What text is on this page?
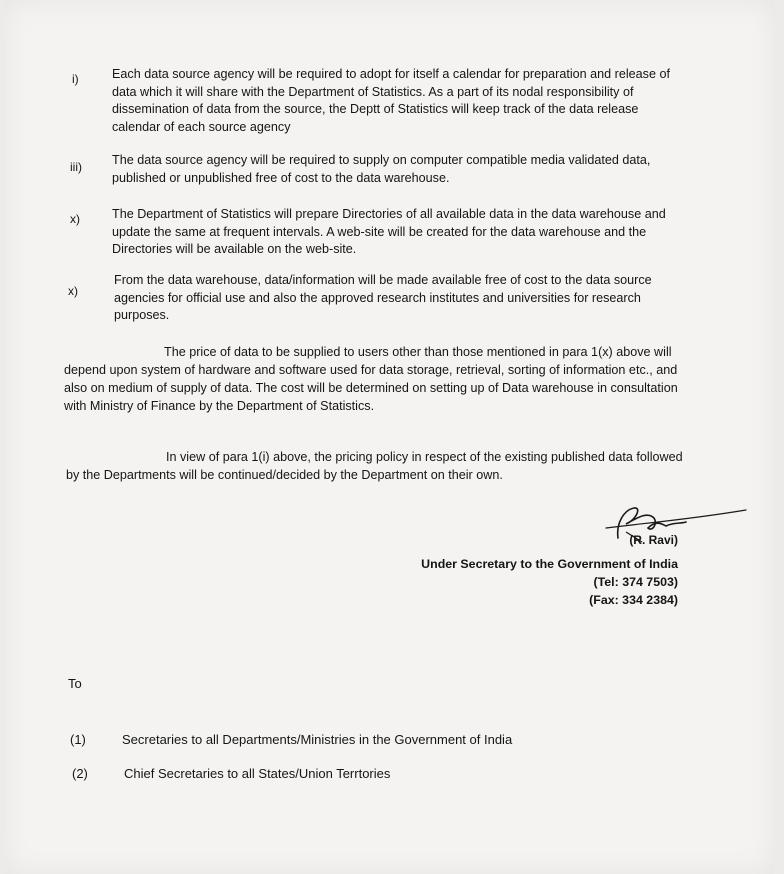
i)	Each data source agency will be required to adopt for itself a calendar for preparation and release of data which it will share with the Department of Statistics. As a part of its nodal responsibility of dissemination of data from the source, the Deptt of Statistics will keep track of the data release calendar of each source agency
iii) The data source agency will be required to supply on computer compatible media validated data, published or unpublished free of cost to the data warehouse.
x)	The Department of Statistics will prepare Directories of all available data in the data warehouse and update the same at frequent intervals. A web-site will be created for the data warehouse and the Directories will be available on the web-site.
x)
From the data warehouse, data/information will be made available free of cost to the data source agencies for official use and also the approved research institutes and universities for research purposes.
The price of data to be supplied to users other than those mentioned in para 1(x) above will depend upon system of hardware and software used for data storage, retrieval, sorting of information etc., and also on medium of supply of data. The cost will be determined on setting up of Data warehouse in consultation with Ministry of Finance by the Department of Statistics.
In view of para 1(i) above, the pricing policy in respect of the existing published data followed by the Departments will be continued/decided by the Department on their own.
(R. Ravi)
Under Secretary to the Government of India
(Tel: 374 7503)
(Fax: 334 2384)
To
(1)	Secretaries to all Departments/Ministries in the Government of India
(2)	Chief Secretaries to all States/Union Terrtories
